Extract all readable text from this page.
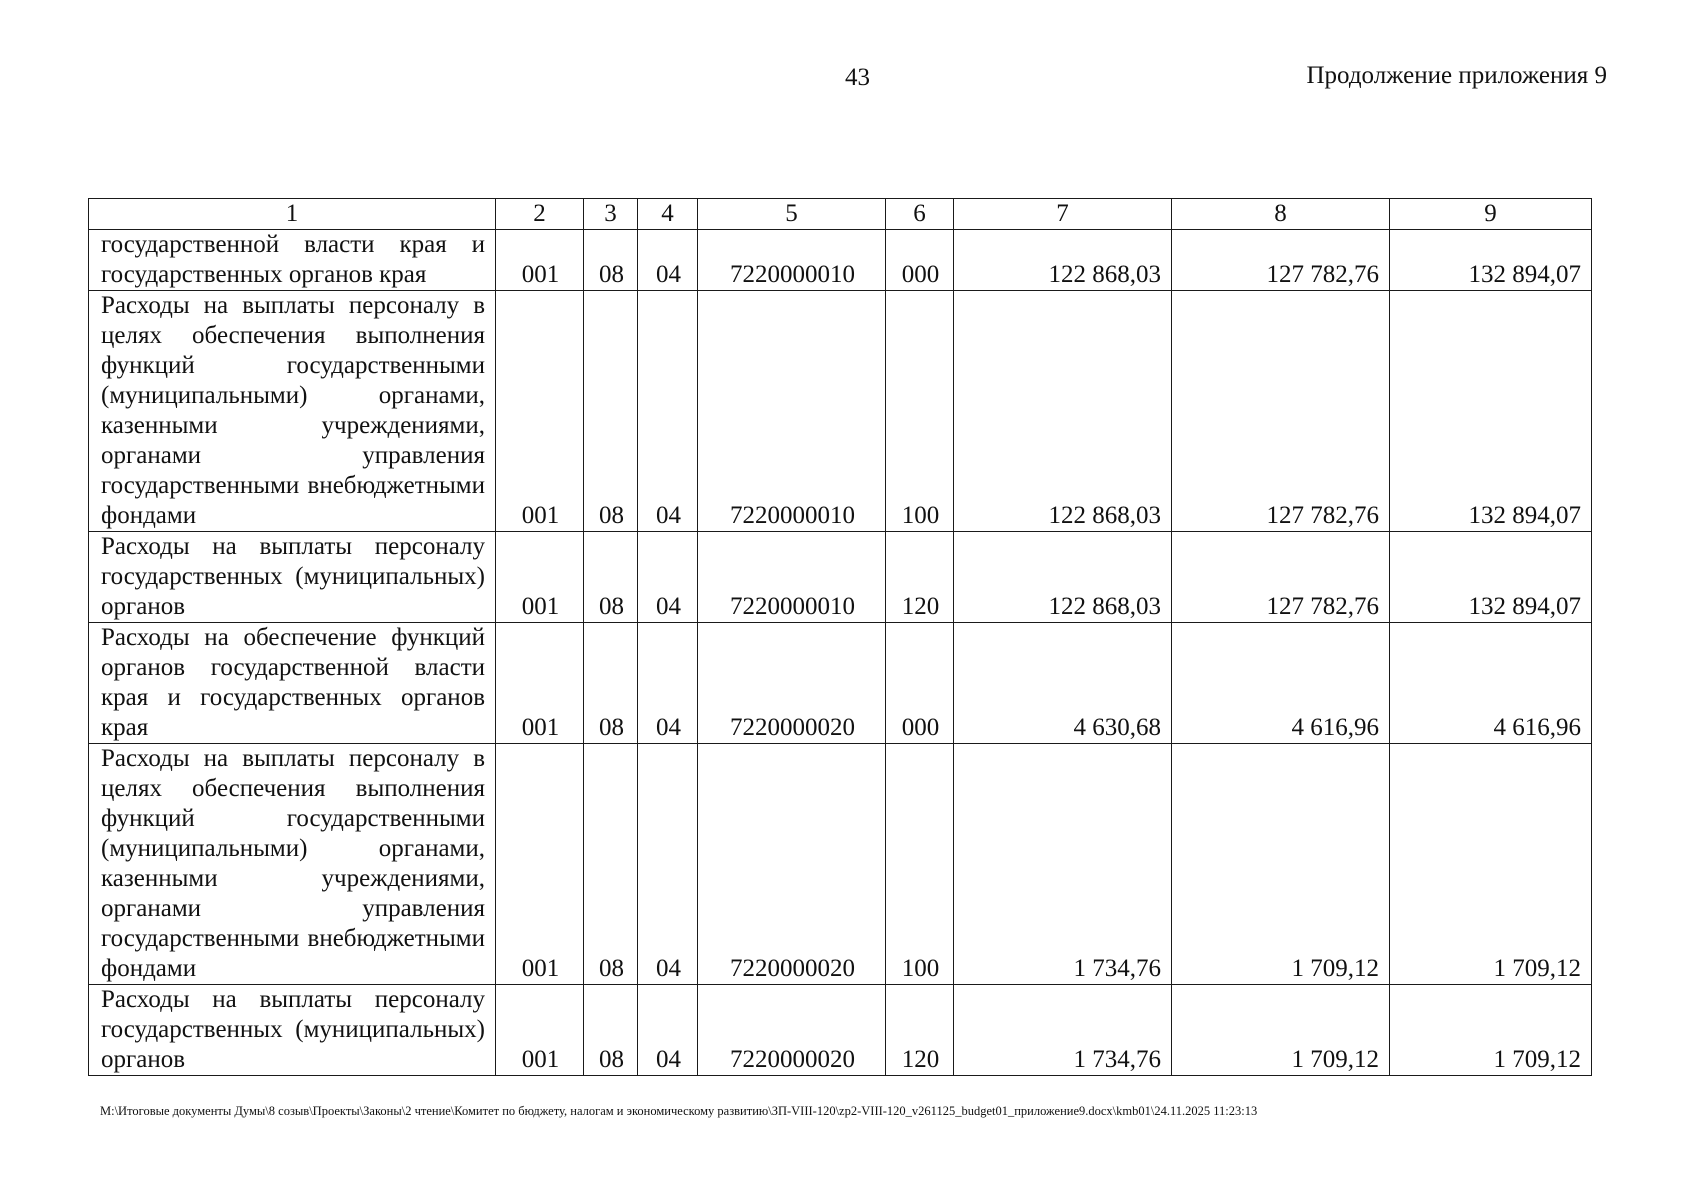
43	Продолжение приложения 9
1	2	3	4	5	6	7	8	9
государственной власти края и государственных органов края	001	08	04	7220000010	000	122 868,03	127 782,76	132 894,07
Расходы на выплаты персоналу в целях обеспечения выполнения функций государственными (муниципальными) органами, казенными учреждениями, органами управления государственными внебюджетными фондами	001	08	04	7220000010	100	122 868,03	127 782,76	132 894,07
Расходы на выплаты персоналу государственных (муниципальных) органов	001	08	04	7220000010	120	122 868,03	127 782,76	132 894,07
Расходы на обеспечение функций органов государственной власти края и государственных органов края	001	08	04	7220000020	000	4 630,68	4 616,96	4 616,96
Расходы на выплаты персоналу в целях обеспечения выполнения функций государственными (муниципальными) органами, казенными учреждениями, органами управления государственными внебюджетными фондами	001	08	04	7220000020	100	1 734,76	1 709,12	1 709,12
Расходы на выплаты персоналу государственных (муниципальных) органов	001	08	04	7220000020	120	1 734,76	1 709,12	1 709,12
М:\Итоговые документы Думы\8 созыв\Проекты\Законы\2 чтение\Комитет по бюджету, налогам и экономическому развитию\ЗП-VIII-120\zp2-VIII-120_v261125_budget01_приложение9.docx\kmb01\24.11.2025 11:23:13
